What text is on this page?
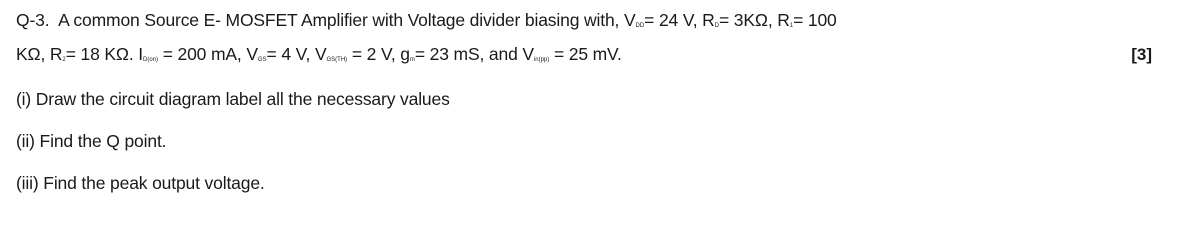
Q-3. A common Source E- MOSFET Amplifier with Voltage divider biasing with, VDD= 24 V, RD= 3KΩ, R1= 100
KΩ, R2= 18 KΩ. ID(on) = 200 mA, VGS= 4 V, VGS(TH) = 2 V, gm= 23 mS, and Vin(pp) = 25 mV.	[3]
(i) Draw the circuit diagram label all the necessary values
(ii) Find the Q point.
(iii) Find the peak output voltage.
